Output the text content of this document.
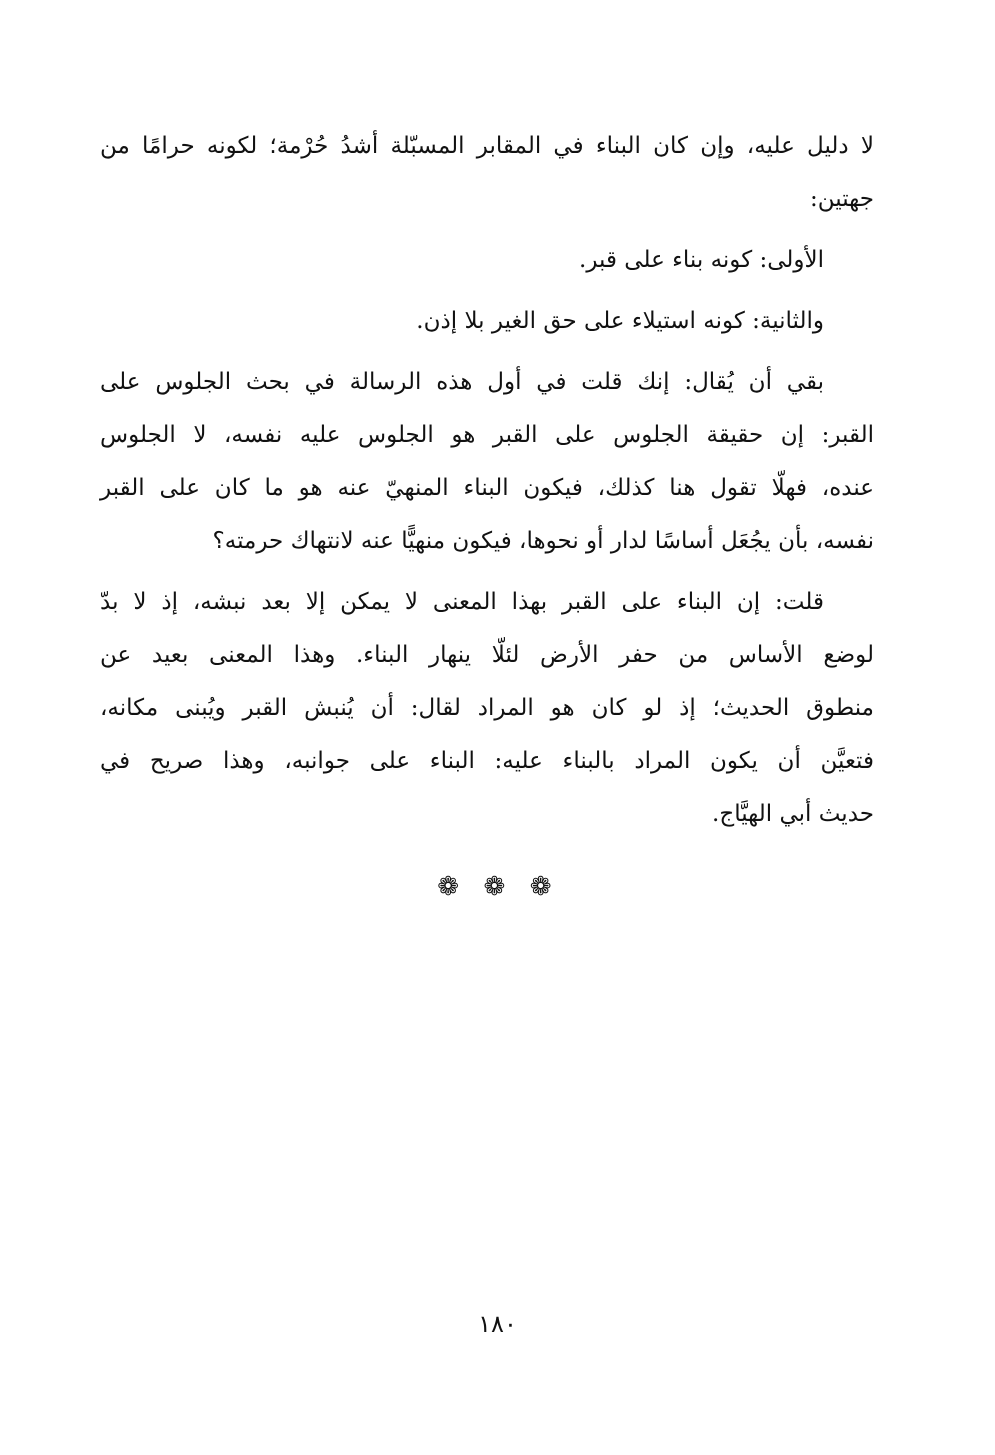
لا دليل عليه، وإن كان البناء في المقابر المسبّلة أشدُ حُرْمة؛ لكونه حرامًا من
جهتين:

الأولى: كونه بناء على قبر.

والثانية: كونه استيلاء على حق الغير بلا إذن.

بقي أن يُقال: إنك قلت في أول هذه الرسالة في بحث الجلوس على
القبر: إن حقيقة الجلوس على القبر هو الجلوس عليه نفسه، لا الجلوس
عنده، فهلّا تقول هنا كذلك، فيكون البناء المنهيّ عنه هو ما كان على القبر
نفسه، بأن يجُعَل أساسًا لدار أو نحوها، فيكون منهيًّا عنه لانتهاك حرمته؟

قلت: إن البناء على القبر بهذا المعنى لا يمكن إلا بعد نبشه، إذ لا بدّ
لوضع الأساس من حفر الأرض لئلّا ينهار البناء. وهذا المعنى بعيد عن
منطوق الحديث؛ إذ لو كان هو المراد لقال: أن يُنبش القبر ويُبنى مكانه،
فتعيَّن أن يكون المراد بالبناء عليه: البناء على جوانبه، وهذا صريح في
حديث أبي الهيَّاج.

❁ ❁ ❁
١٨٠
